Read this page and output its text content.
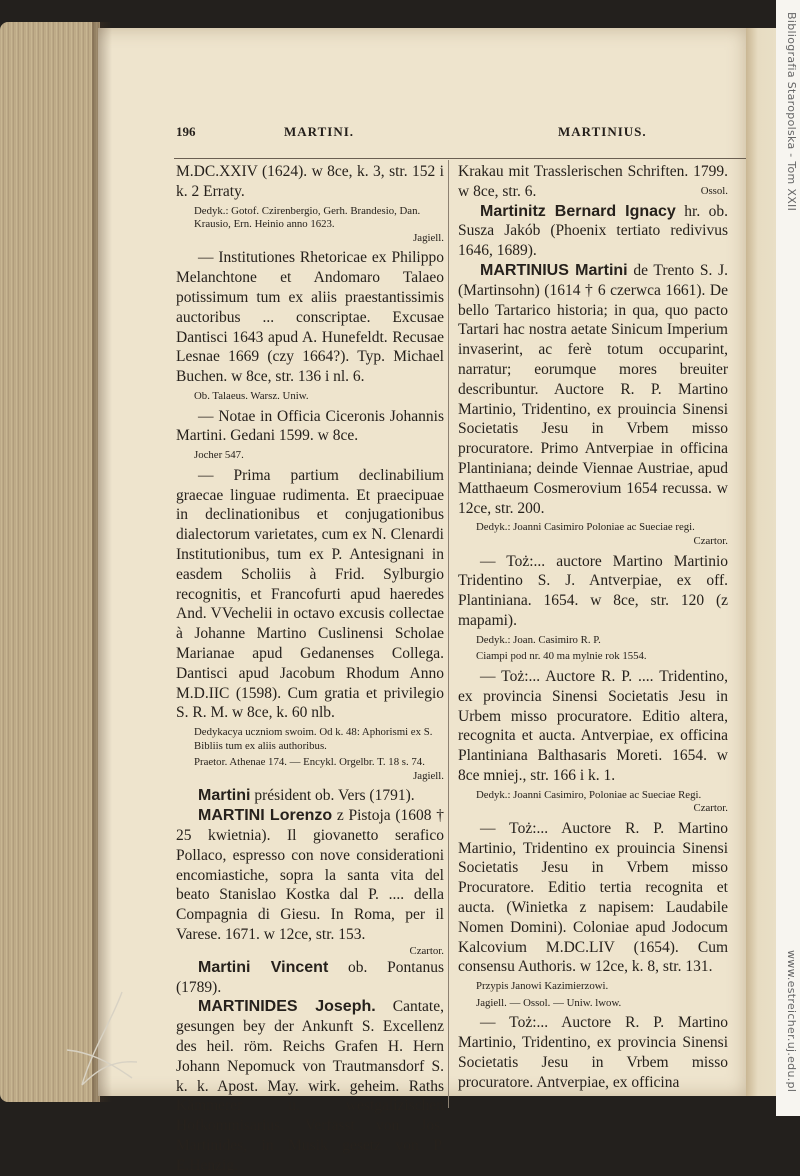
196	MARTINI.	MARTINIUS.

M.DC.XXIV (1624). w 8ce, k. 3, str. 152 i k. 2 Erraty.

Dedyk.: Gotof. Czirenbergio, Gerh. Brandesio, Dan. Krausio, Ern. Heinio anno 1623.
Jagiell.

— Institutiones Rhetoricae ex Philippo Melanchtone et Andomaro Talaeo potissimum tum ex aliis praestantissimis auctoribus ... conscriptae. Excusae Dantisci 1643 apud A. Hunefeldt. Recusae Lesnae 1669 (czy 1664?). Typ. Michael Buchen. w 8ce, str. 136 i nl. 6.

Ob. Talaeus. Warsz. Uniw.

— Notae in Officia Ciceronis Johannis Martini. Gedani 1599. w 8ce.

Jocher 547.

— Prima partium declinabilium graecae linguae rudimenta. Et praecipuae in declinationibus et conjugationibus dialectorum varietates, cum ex N. Clenardi Institutionibus, tum ex P. Antesignani in easdem Scholiis à Frid. Sylburgio recognitis, et Francofurti apud haeredes And. VVechelii in octavo excusis collectae à Johanne Martino Cuslinensi Scholae Marianae apud Gedanenses Collega. Dantisci apud Jacobum Rhodum Anno M.D.IIC (1598). Cum gratia et privilegio S. R. M. w 8ce, k. 60 nlb.

Dedykacya uczniom swoim. Od k. 48: Aphorismi ex S. Bibliis tum ex aliis authoribus.

Praetor. Athenae 174. — Encykl. Orgelbr. T. 18 s. 74.
Jagiell.

Martini président ob. Vers (1791).

MARTINI Lorenzo z Pistoja (1608 † 25 kwietnia). Il giovanetto serafico Pollaco, espresso con nove considerationi encomiastiche, sopra la santa vita del beato Stanislao Kostka dal P. .... della Compagnia di Giesu. In Roma, per il Varese. 1671. w 12ce, str. 153.
Czartor.

Martini Vincent ob. Pontanus (1789).

MARTINIDES Joseph. Cantate, gesungen bey der Ankunft S. Excellenz des heil. röm. Reichs Grafen H. Hern Johann Nepomuck von Trautmansdorf S. k. k. Apost. May. wirk. geheim. Raths Kämmerer u. westgalizischen Hofkommisarius. Verfasst von Jos. Martinides, in Musik gesetz von P. E.Henzig.

Krakau mit Trasslerischen Schriften. 1799. w 8ce, str. 6.	Ossol.

Martinitz Bernard Ignacy hr. ob. Susza Jakób (Phoenix tertiato redivivus 1646, 1689).

MARTINIUS Martini de Trento S. J. (Martinsohn) (1614 † 6 czerwca 1661). De bello Tartarico historia; in qua, quo pacto Tartari hac nostra aetate Sinicum Imperium invaserint, ac ferè totum occuparint, narratur; eorumque mores breuiter describuntur. Auctore R. P. Martino Martinio, Tridentino, ex prouincia Sinensi Societatis Jesu in Vrbem misso procuratore. Primo Antverpiae in officina Plantiniana; deinde Viennae Austriae, apud Matthaeum Cosmerovium 1654 recussa. w 12ce, str. 200.

Dedyk.: Joanni Casimiro Poloniae ac Sueciae regi.
Czartor.

— Toż:... auctore Martino Martinio Tridentino S. J. Antverpiae, ex off. Plantiniana. 1654. w 8ce, str. 120 (z mapami).

Dedyk.: Joan. Casimiro R. P.

Ciampi pod nr. 40 ma mylnie rok 1554.

— Toż:... Auctore R. P. .... Tridentino, ex provincia Sinensi Societatis Jesu in Urbem misso procuratore. Editio altera, recognita et aucta. Antverpiae, ex officina Plantiniana Balthasaris Moreti. 1654. w 8ce mniej., str. 166 i k. 1.

Dedyk.: Joanni Casimiro, Poloniae ac Sueciae Regi.
Czartor.

— Toż:... Auctore R. P. Martino Martinio, Tridentino ex prouincia Sinensi Societatis Jesu in Vrbem misso Procuratore. Editio tertia recognita et aucta. (Winietka z napisem: Laudabile Nomen Domini). Coloniae apud Jodocum Kalcovium M.DC.LIV (1654). Cum consensu Authoris. w 12ce, k. 8, str. 131.

Przypis Janowi Kazimierzowi.

Jagiell. — Ossol. — Uniw. lwow.

— Toż:... Auctore R. P. Martino Martinio, Tridentino, ex provincia Sinensi Societatis Jesu in Vrbem misso procuratore. Antverpiae, ex officina

Bibliografia Staropolska - Tom XXII
www.estreicher.uj.edu.pl
